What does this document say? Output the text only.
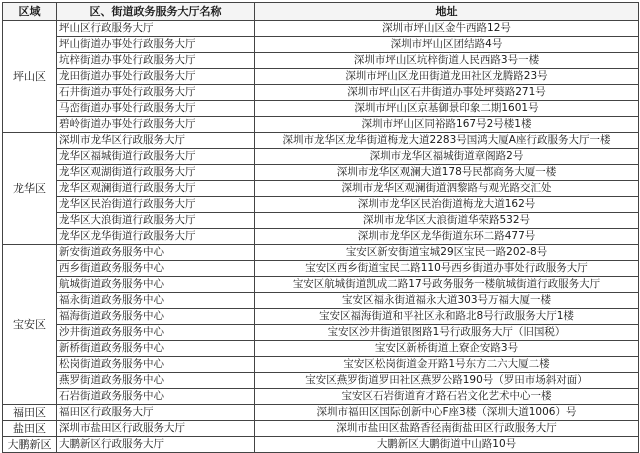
区域	区、街道政务服务大厅名称	地址
坪山区	坪山区行政服务大厅	深圳市坪山区金牛西路12号
	坪山街道办事处行政服务大厅	深圳市坪山区团结路4号
	坑梓街道办事处行政服务大厅	深圳市坪山区坑梓街道人民西路3号一楼
	龙田街道办事处行政服务大厅	深圳市坪山区龙田街道龙田社区龙腾路23号
	石井街道办事处行政服务大厅	深圳市坪山区石井街道办事处坪葵路271号
	马峦街道办事处行政服务大厅	深圳市坪山区京基御景印象二期1601号
	碧岭街道办事处行政服务大厅	深圳市坪山区同裕路167号2号楼1楼
龙华区	深圳市龙华区行政服务大厅	深圳市龙华区龙华街道梅龙大道2283号国鸿大厦A座行政服务大厅一楼
	龙华区福城街道行政服务大厅	深圳市龙华区福城街道章阁路2号
	龙华区观湖街道行政服务大厅	深圳市龙华区观澜大道178号民都商务大厦一楼
	龙华区观澜街道行政服务大厅	深圳市龙华区观澜街道泗黎路与观光路交汇处
	龙华区民治街道行政服务大厅	深圳市龙华区民治街道梅龙大道162号
	龙华区大浪街道行政服务大厅	深圳市龙华区大浪街道华荣路532号
	龙华区龙华街道行政服务大厅	深圳市龙华区龙华街道东环二路477号
宝安区	新安街道政务服务中心	宝安区新安街道宝城29区宝民一路202-8号
	西乡街道政务服务中心	宝安区西乡街道宝民二路110号西乡街道办事处行政服务大厅
	航城街道政务服务中心	宝安区航城街道凯成二路17号政务服务一楼航城街道行政服务大厅
	福永街道政务服务中心	宝安区福永街道福永大道303号万福大厦一楼
	福海街道政务服务中心	宝安区福海街道和平社区永和路北8号行政服务大厅1楼
	沙井街道政务服务中心	宝安区沙井街道银图路1号行政服务大厅（旧国税）
	新桥街道政务服务中心	宝安区新桥街道上寮企安路3号
	松岗街道政务服务中心	宝安区松岗街道金开路1号东方二六大厦二楼
	燕罗街道政务服务中心	宝安区燕罗街道罗田社区燕罗公路190号（罗田市场斜对面）
	石岩街道政务服务中心	宝安区石岩街道育才路石岩文化艺术中心一楼
福田区	福田区行政服务大厅	深圳市福田区国际创新中心F座3楼（深圳大道1006）号
盐田区	深圳市盐田区行政服务大厅	深圳市盐田区盐路香径南街盐田区行政服务大厅
大鹏新区	大鹏新区行政服务大厅	大鹏新区大鹏街道中山路10号
